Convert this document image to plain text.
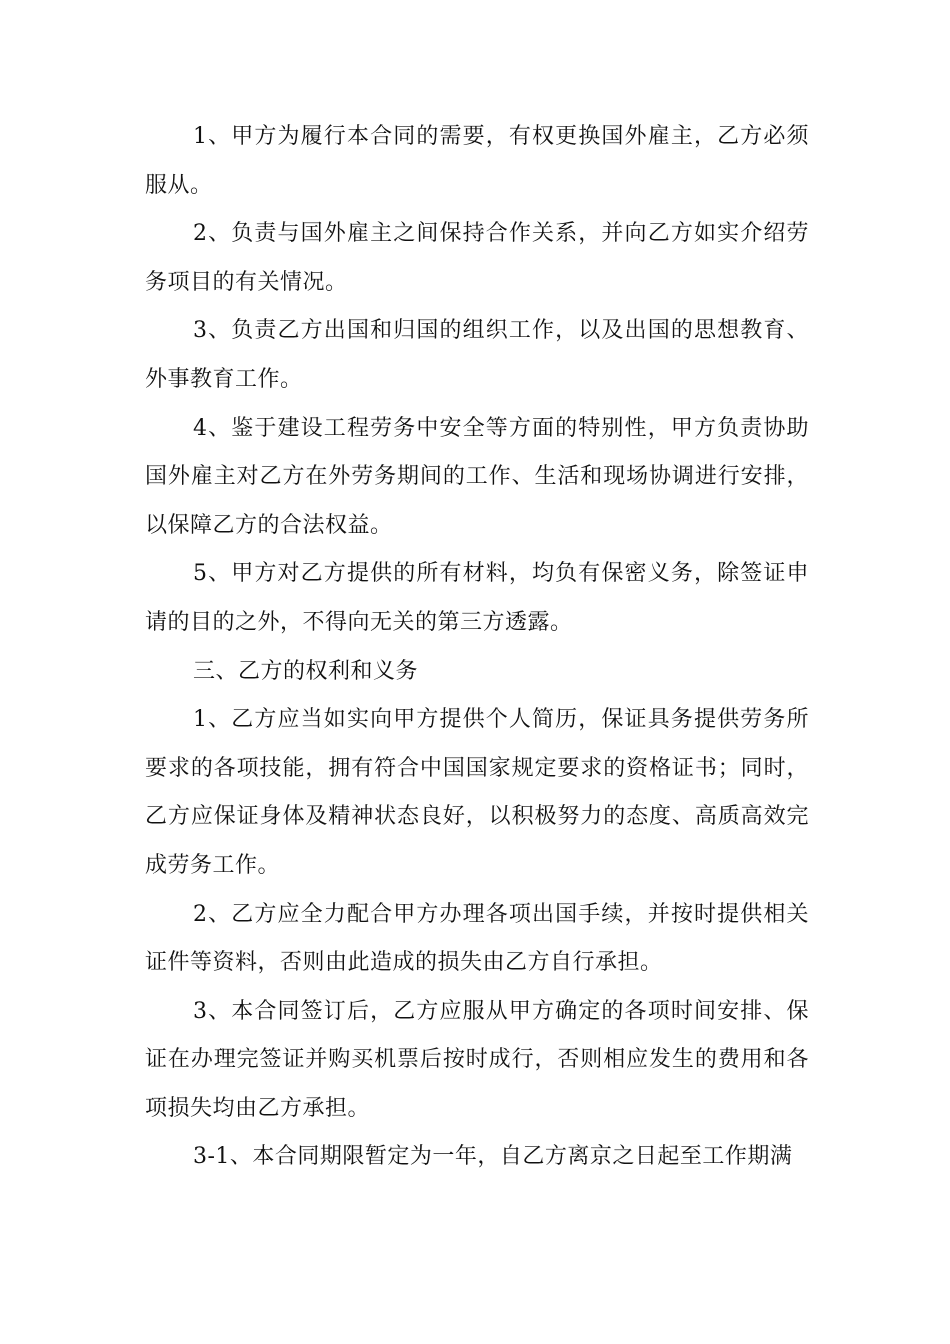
1、甲方为履行本合同的需要，有权更换国外雇主，乙方必须服从。

2、负责与国外雇主之间保持合作关系，并向乙方如实介绍劳务项目的有关情况。

3、负责乙方出国和归国的组织工作，以及出国的思想教育、外事教育工作。

4、鉴于建设工程劳务中安全等方面的特别性，甲方负责协助国外雇主对乙方在外劳务期间的工作、生活和现场协调进行安排，以保障乙方的合法权益。

5、甲方对乙方提供的所有材料，均负有保密义务，除签证申请的目的之外，不得向无关的第三方透露。

三、乙方的权利和义务

1、乙方应当如实向甲方提供个人简历，保证具务提供劳务所要求的各项技能，拥有符合中国国家规定要求的资格证书；同时，乙方应保证身体及精神状态良好，以积极努力的态度、高质高效完成劳务工作。

2、乙方应全力配合甲方办理各项出国手续，并按时提供相关证件等资料，否则由此造成的损失由乙方自行承担。

3、本合同签订后，乙方应服从甲方确定的各项时间安排、保证在办理完签证并购买机票后按时成行，否则相应发生的费用和各项损失均由乙方承担。

3-1、本合同期限暂定为一年，自乙方离京之日起至工作期满
